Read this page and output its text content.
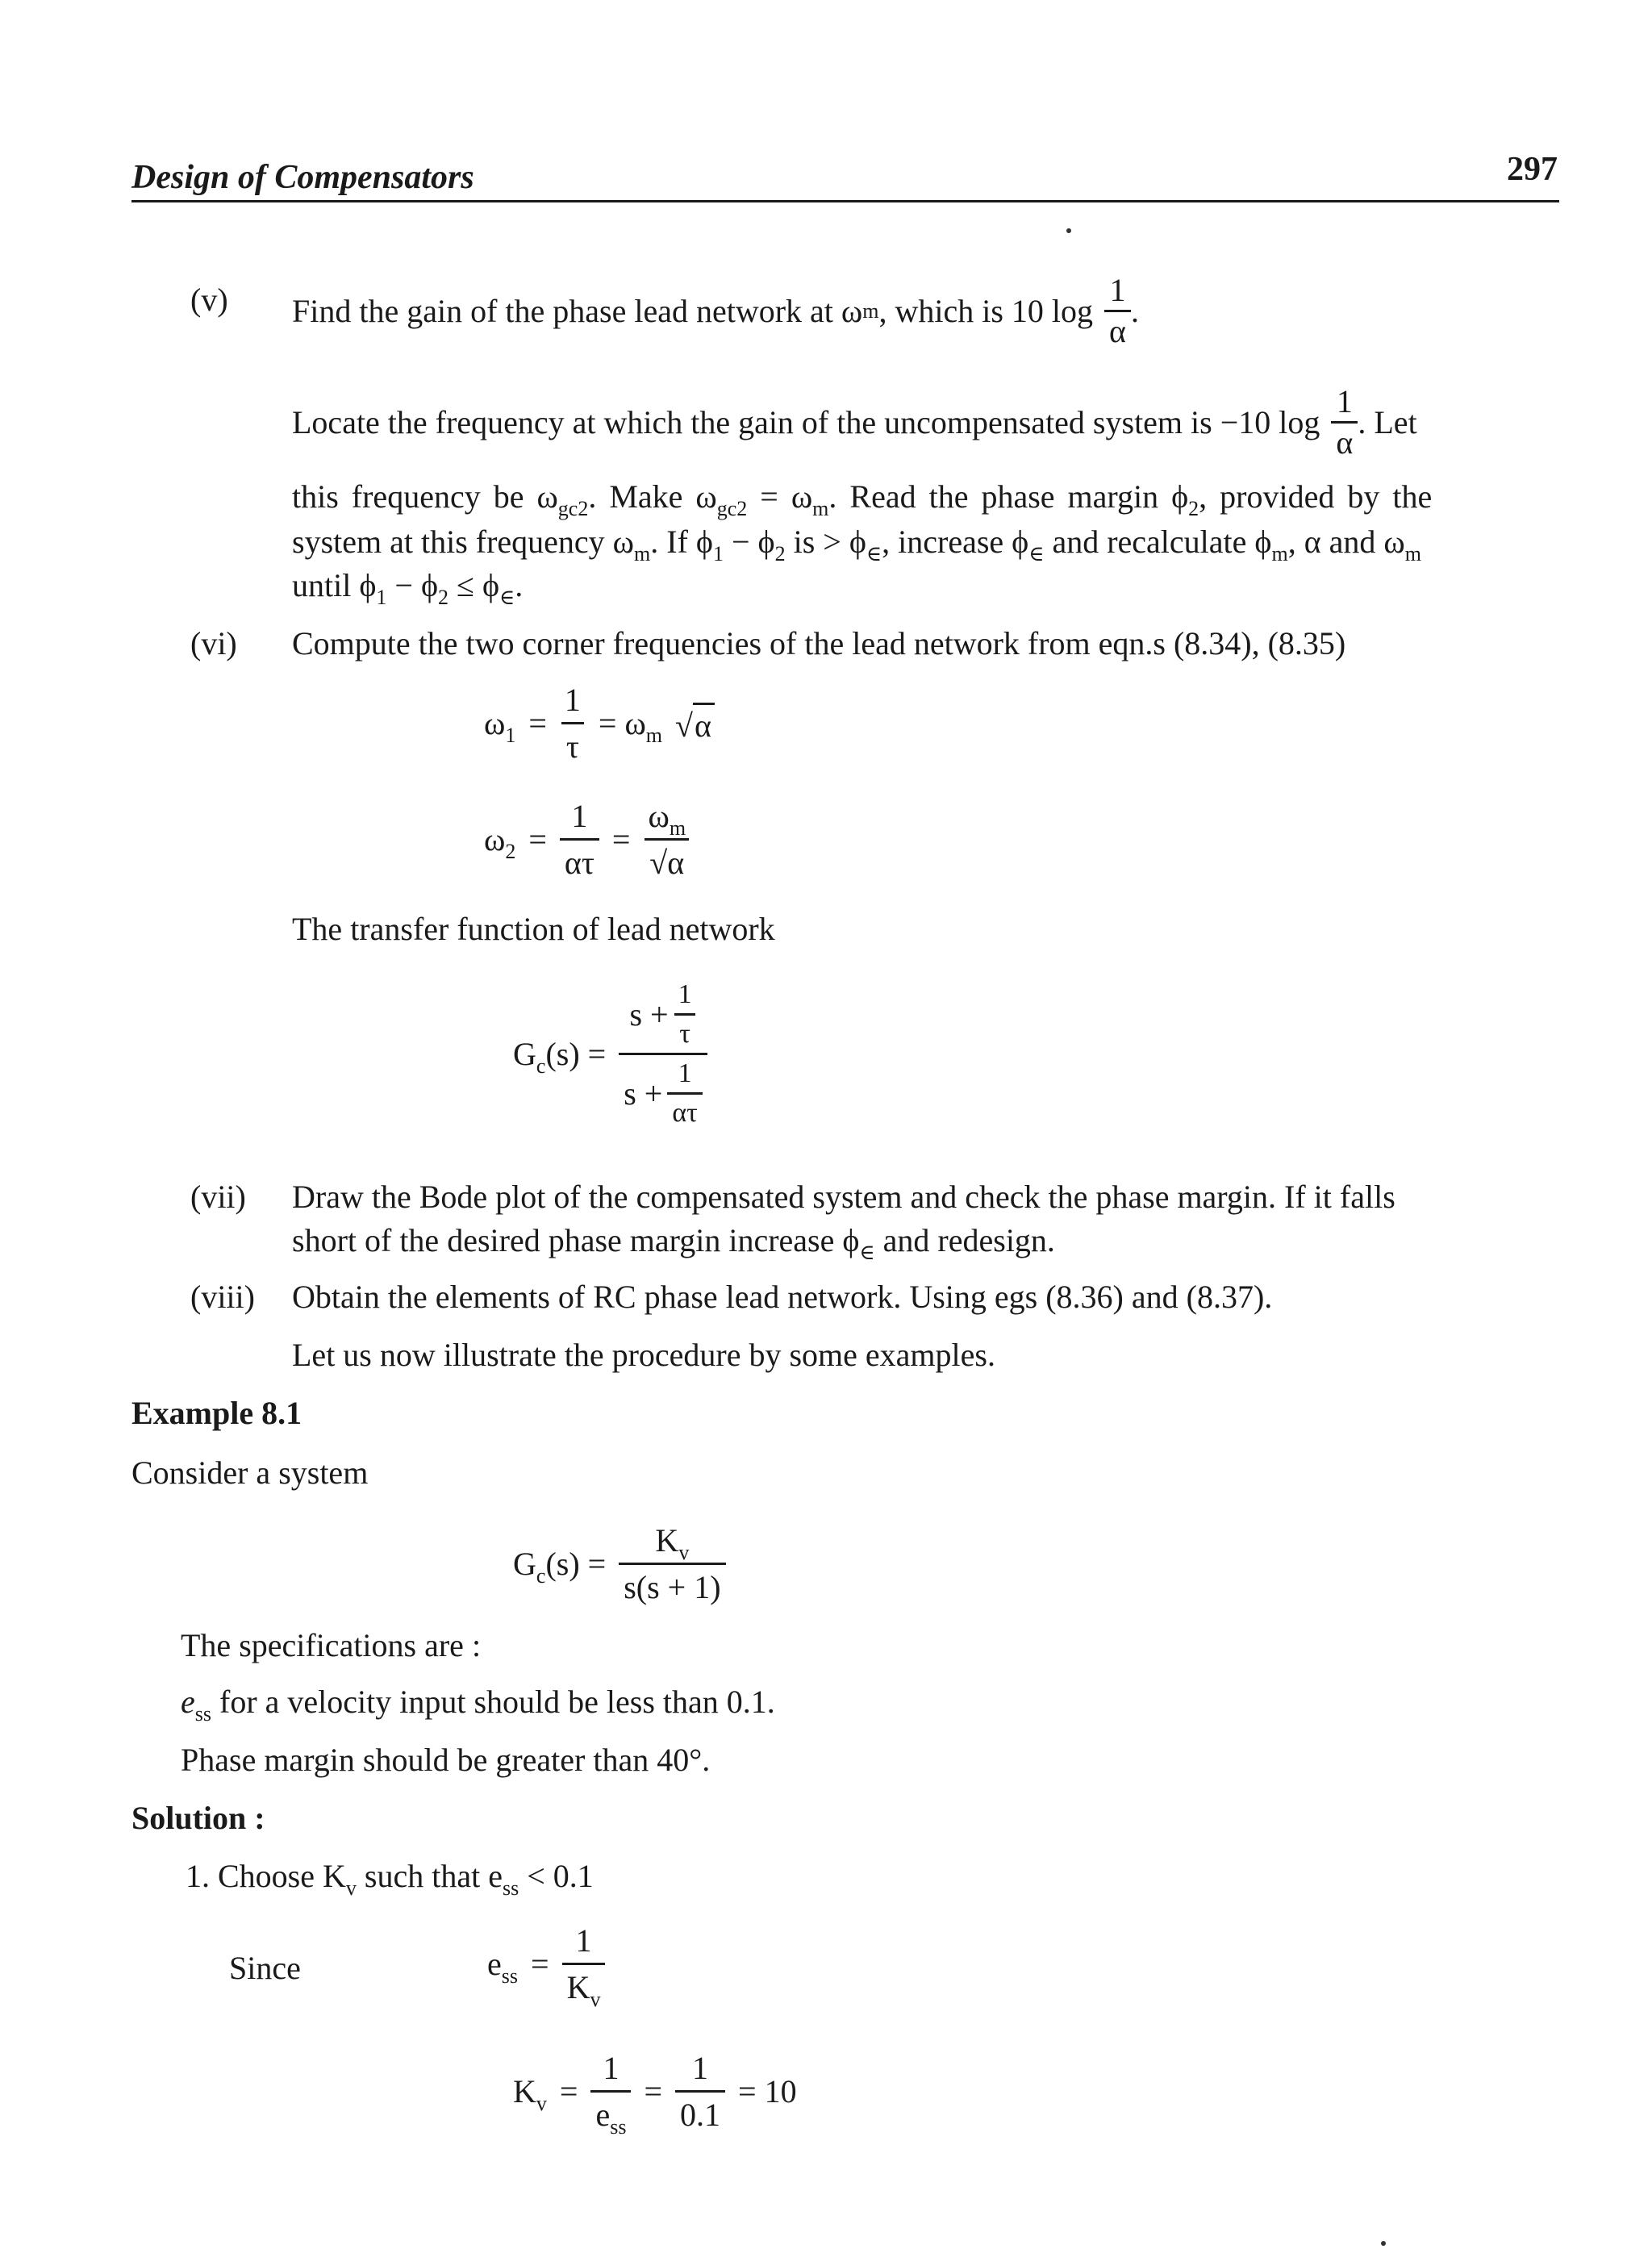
Design of Compensators	297
(v) Find the gain of the phase lead network at ω m , which is 10 $\log \frac{1}{\alpha}$ .
Locate the frequency at which the gain of the uncompensated system is −10 $\log \frac{1}{\alpha}$ . Let
this frequency be $\omega_{gc2}$. Make $\omega_{gc2} = \omega_m$. Read the phase margin $\phi_2$, provided by the
system at this frequency $\omega_m$. If $\phi_1 - \phi_2$ is > $\phi_\in$, increase $\phi_\in$ and recalculate $\phi_m$, α and $\omega_m$
until $\phi_1 - \phi_2 \le \phi_\in$.
(vi) Compute the two corner frequencies of the lead network from eqn.s (8.34), (8.35)
$\omega_1 = \frac{1}{\tau} = \omega_m$ √ α
$\omega_2 = \frac{1}{\alpha\tau} = \frac{\omega_m}{√\alpha}$
The transfer function of lead network
$G_c(s) = \frac{s + \frac{1}{\tau}}{s + \frac{1}{\alpha\tau}}$
(vii) Draw the Bode plot of the compensated system and check the phase margin. If it falls
short of the desired phase margin increase $\phi_\in$ and redesign.
(viii) Obtain the elements of RC phase lead network. Using egs (8.36) and (8.37).
Let us now illustrate the procedure by some examples.
Example 8.1
Consider a system
$G_c(s) = \frac{K_v}{s(s + 1)}$
The specifications are :
$e_{ss}$ for a velocity input should be less than 0.1.
Phase margin should be greater than 40°.
Solution :
1. Choose $K_v$ such that $e_{ss} < 0.1$
Since	$e_{ss} = \frac{1}{K_v}$
$K_v = \frac{1}{e_{ss}} = \frac{1}{0.1} = 10$
